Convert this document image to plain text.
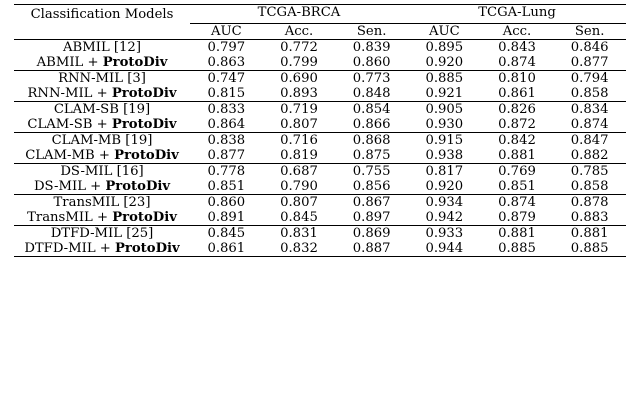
Classification Models	TCGA-BRCA			TCGA-Lung		
	AUC	Acc.	Sen.	AUC	Acc.	Sen.
ABMIL [12]	0.797	0.772	0.839	0.895	0.843	0.846
ABMIL + ProtoDiv	0.863	0.799	0.860	0.920	0.874	0.877
RNN-MIL [3]	0.747	0.690	0.773	0.885	0.810	0.794
RNN-MIL + ProtoDiv	0.815	0.893	0.848	0.921	0.861	0.858
CLAM-SB [19]	0.833	0.719	0.854	0.905	0.826	0.834
CLAM-SB + ProtoDiv	0.864	0.807	0.866	0.930	0.872	0.874
CLAM-MB [19]	0.838	0.716	0.868	0.915	0.842	0.847
CLAM-MB + ProtoDiv	0.877	0.819	0.875	0.938	0.881	0.882
DS-MIL [16]	0.778	0.687	0.755	0.817	0.769	0.785
DS-MIL + ProtoDiv	0.851	0.790	0.856	0.920	0.851	0.858
TransMIL [23]	0.860	0.807	0.867	0.934	0.874	0.878
TransMIL + ProtoDiv	0.891	0.845	0.897	0.942	0.879	0.883
DTFD-MIL [25]	0.845	0.831	0.869	0.933	0.881	0.881
DTFD-MIL + ProtoDiv	0.861	0.832	0.887	0.944	0.885	0.885
